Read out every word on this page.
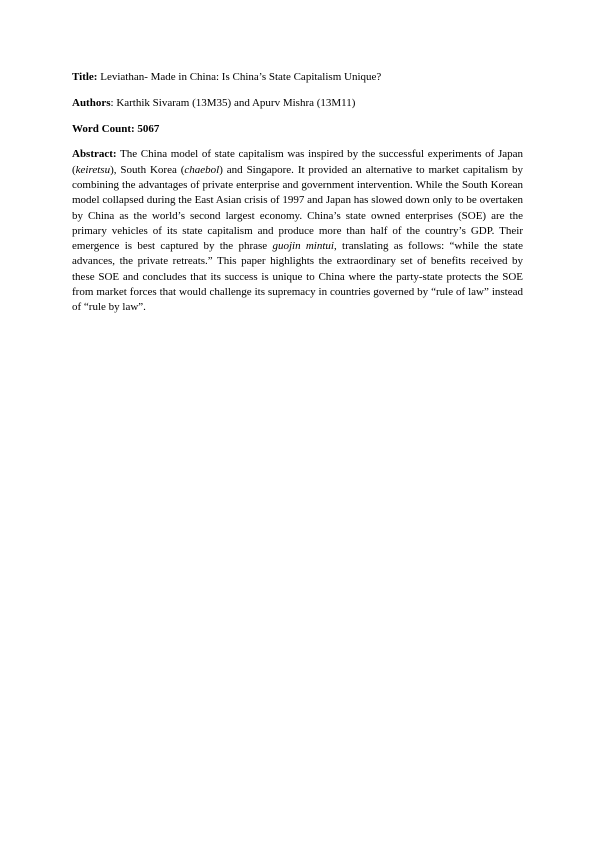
Title: Leviathan- Made in China: Is China’s State Capitalism Unique?

Authors: Karthik Sivaram (13M35) and Apurv Mishra (13M11)

Word Count: 5067

Abstract: The China model of state capitalism was inspired by the successful experiments of Japan (keiretsu), South Korea (chaebol) and Singapore. It provided an alternative to market capitalism by combining the advantages of private enterprise and government intervention. While the South Korean model collapsed during the East Asian crisis of 1997 and Japan has slowed down only to be overtaken by China as the world’s second largest economy. China’s state owned enterprises (SOE) are the primary vehicles of its state capitalism and produce more than half of the country’s GDP. Their emergence is best captured by the phrase guojin mintui, translating as follows: “while the state advances, the private retreats.” This paper highlights the extraordinary set of benefits received by these SOE and concludes that its success is unique to China where the party-state protects the SOE from market forces that would challenge its supremacy in countries governed by “rule of law” instead of “rule by law”.
